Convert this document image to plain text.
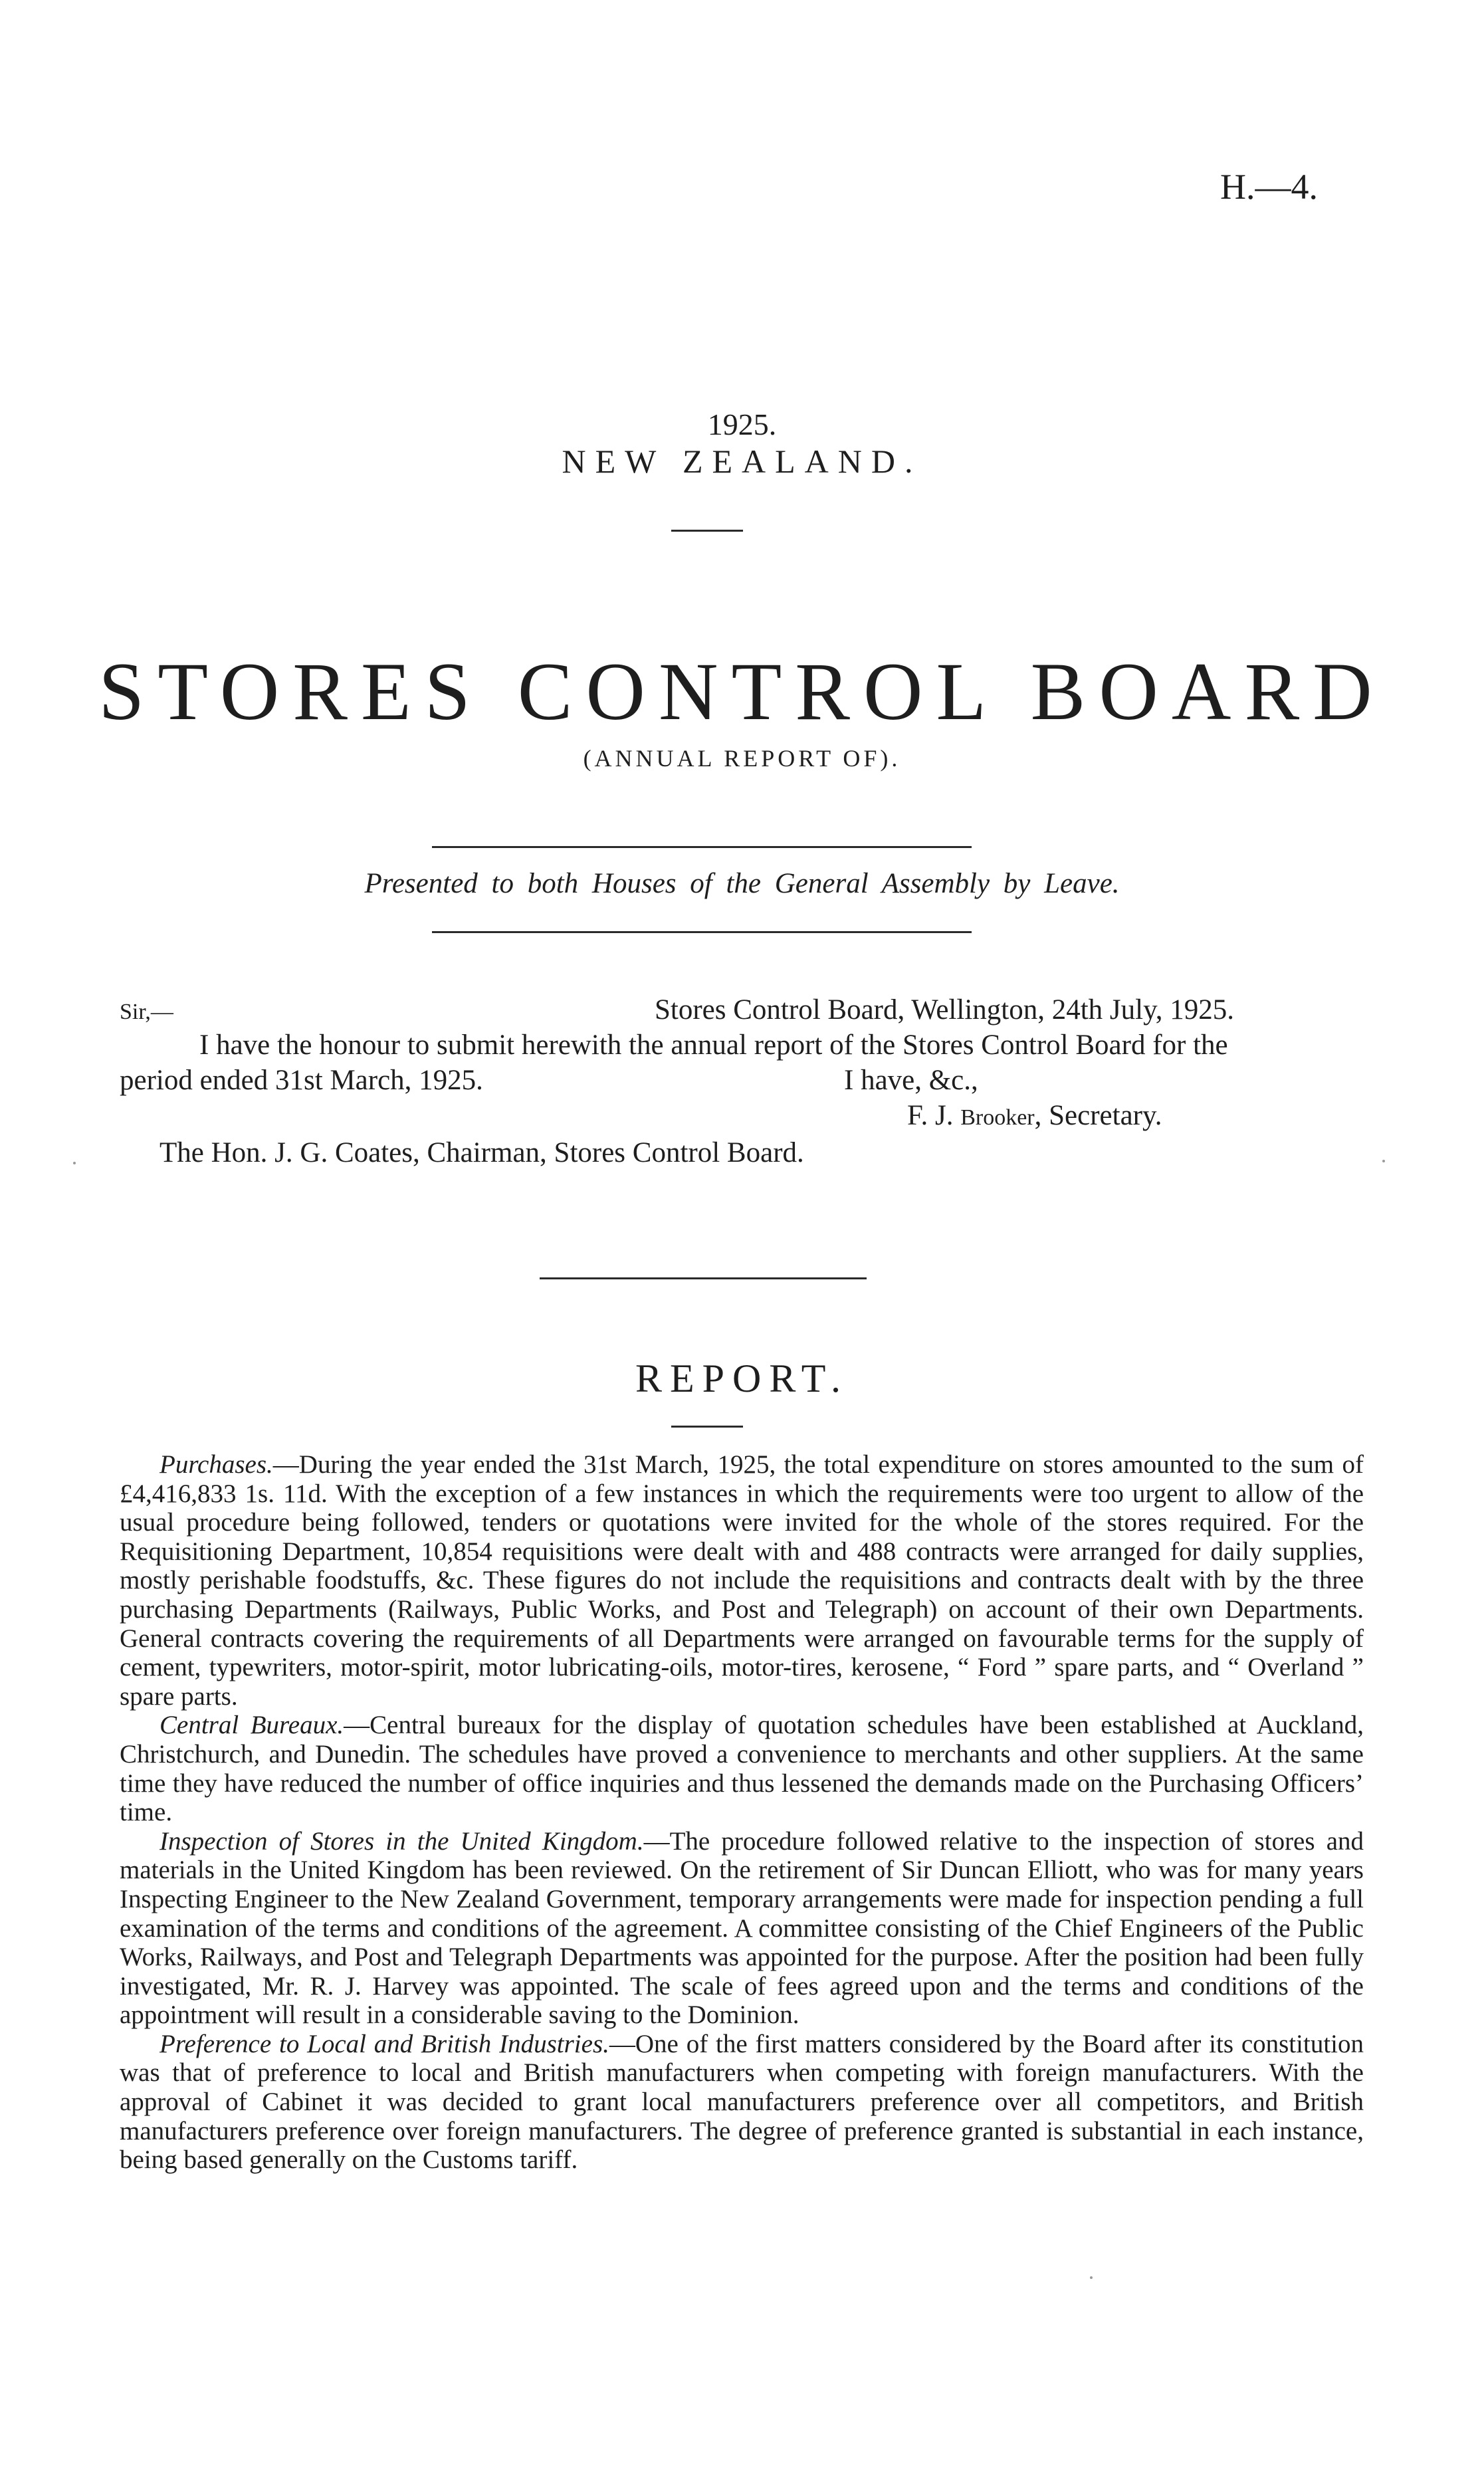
H.—4.
1925.
NEW ZEALAND.
STORES CONTROL BOARD
(ANNUAL REPORT OF).
Presented to both Houses of the General Assembly by Leave.
Sir,—	Stores Control Board, Wellington, 24th July, 1925.
I have the honour to submit herewith the annual report of the Stores Control Board for the
period ended 31st March, 1925.	I have, &c.,
F. J. Brooker, Secretary.
The Hon. J. G. Coates, Chairman, Stores Control Board.
REPORT.

Purchases.—During the year ended the 31st March, 1925, the total expenditure on stores amounted to the sum of £4,416,833 1s. 11d. With the exception of a few instances in which the requirements were too urgent to allow of the usual procedure being followed, tenders or quotations were invited for the whole of the stores required. For the Requisitioning Department, 10,854 requisitions were dealt with and 488 contracts were arranged for daily supplies, mostly perishable foodstuffs, &c. These figures do not include the requisitions and contracts dealt with by the three purchasing Departments (Railways, Public Works, and Post and Telegraph) on account of their own Departments. General contracts covering the requirements of all Departments were arranged on favourable terms for the supply of cement, typewriters, motor-spirit, motor lubricating-oils, motor-tires, kerosene, “ Ford ” spare parts, and “ Overland ” spare parts.

Central Bureaux.—Central bureaux for the display of quotation schedules have been established at Auckland, Christchurch, and Dunedin. The schedules have proved a convenience to merchants and other suppliers. At the same time they have reduced the number of office inquiries and thus lessened the demands made on the Purchasing Officers’ time.

Inspection of Stores in the United Kingdom.—The procedure followed relative to the inspection of stores and materials in the United Kingdom has been reviewed. On the retirement of Sir Duncan Elliott, who was for many years Inspecting Engineer to the New Zealand Government, temporary arrangements were made for inspection pending a full examination of the terms and conditions of the agreement. A committee consisting of the Chief Engineers of the Public Works, Railways, and Post and Telegraph Departments was appointed for the purpose. After the position had been fully investigated, Mr. R. J. Harvey was appointed. The scale of fees agreed upon and the terms and conditions of the appointment will result in a considerable saving to the Dominion.

Preference to Local and British Industries.—One of the first matters considered by the Board after its constitution was that of preference to local and British manufacturers when competing with foreign manufacturers. With the approval of Cabinet it was decided to grant local manufacturers preference over all competitors, and British manufacturers preference over foreign manufacturers. The degree of preference granted is substantial in each instance, being based generally on the Customs tariff.
